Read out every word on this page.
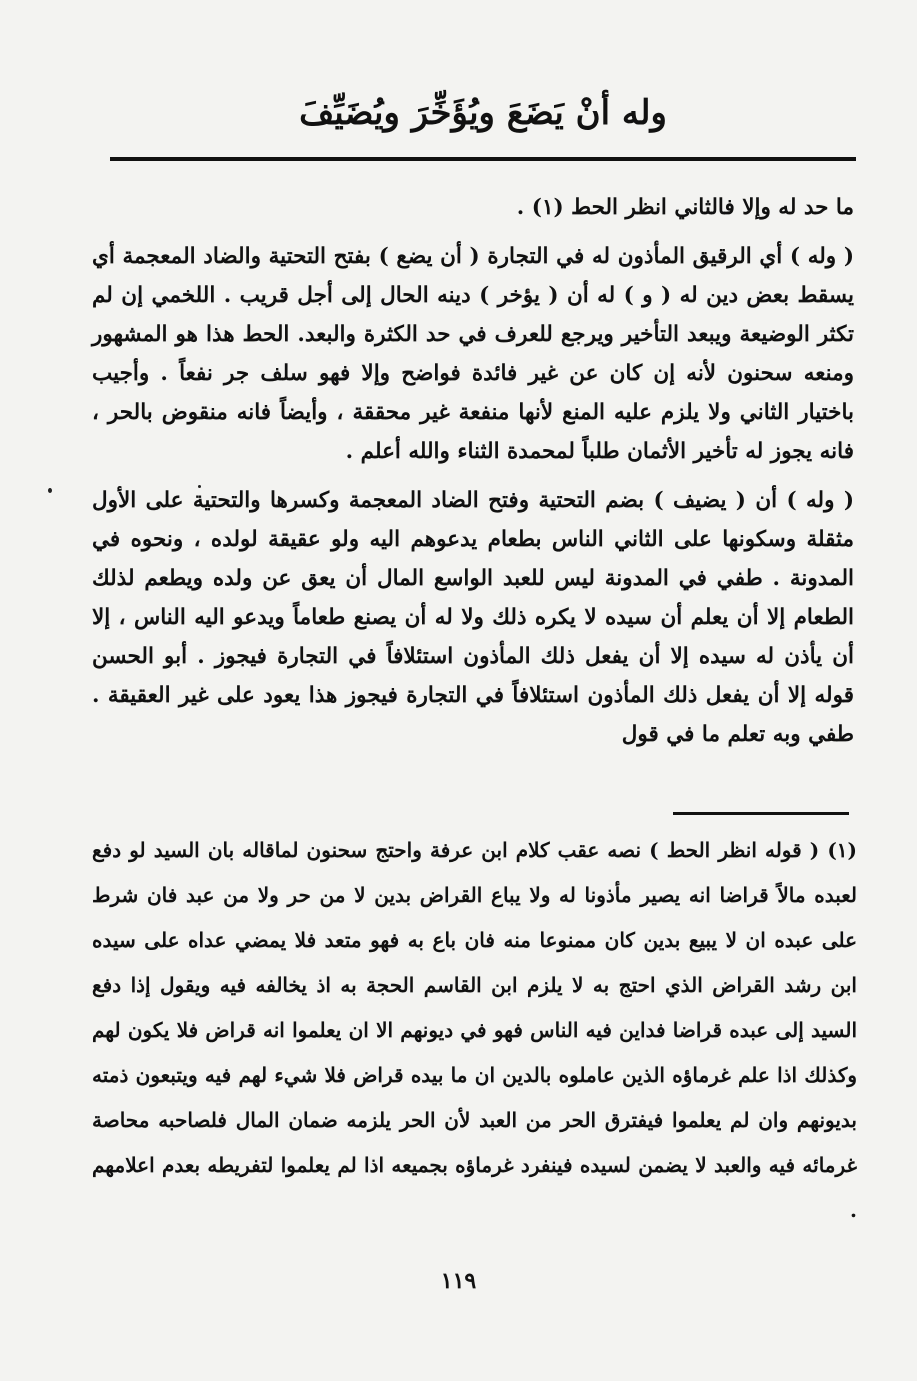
وله أنْ يَضَعَ ويُؤَخِّرَ ويُضَيِّفَ

ما حد له وإلا فالثاني انظر الحط (١) .

( وله ) أي الرقيق المأذون له في التجارة ( أن يضع ) بفتح التحتية والضاد المعجمة أي يسقط بعض دين له ( و ) له أن ( يؤخر ) دينه الحال إلى أجل قريب . اللخمي إن لم تكثر الوضيعة ويبعد التأخير ويرجع للعرف في حد الكثرة والبعد. الحط هذا هو المشهور ومنعه سحنون لأنه إن كان عن غير فائدة فواضح وإلا فهو سلف جر نفعاً . وأجيب باختيار الثاني ولا يلزم عليه المنع لأنها منفعة غير محققة ، وأيضاً فانه منقوض بالحر ، فانه يجوز له تأخير الأثمان طلباً لمحمدة الثناء والله أعلم .

( وله ) أن ( يضيف ) بضم التحتية وفتح الضاد المعجمة وكسرها والتحتية على الأول مثقلة وسكونها على الثاني الناس بطعام يدعوهم اليه ولو عقيقة لولده ، ونحوه في المدونة . طفي في المدونة ليس للعبد الواسع المال أن يعق عن ولده ويطعم لذلك الطعام إلا أن يعلم أن سيده لا يكره ذلك ولا له أن يصنع طعاماً ويدعو اليه الناس ، إلا أن يأذن له سيده إلا أن يفعل ذلك المأذون استئلافاً في التجارة فيجوز . أبو الحسن قوله إلا أن يفعل ذلك المأذون استئلافاً في التجارة فيجوز هذا يعود على غير العقيقة . طفي وبه تعلم ما في قول

(١) ( قوله انظر الحط ) نصه عقب كلام ابن عرفة واحتج سحنون لماقاله بان السيد لو دفع لعبده مالاً قراضا انه يصير مأذونا له ولا يباع القراض بدين لا من حر ولا من عبد فان شرط على عبده ان لا يبيع بدين كان ممنوعا منه فان باع به فهو متعد فلا يمضي عداه على سيده ابن رشد القراض الذي احتج به لا يلزم ابن القاسم الحجة به اذ يخالفه فيه ويقول إذا دفع السيد إلى عبده قراضا فداين فيه الناس فهو في ديونهم الا ان يعلموا انه قراض فلا يكون لهم وكذلك اذا علم غرماؤه الذين عاملوه بالدين ان ما بيده قراض فلا شيء لهم فيه ويتبعون ذمته بديونهم وان لم يعلموا فيفترق الحر من العبد لأن الحر يلزمه ضمان المال فلصاحبه محاصة غرمائه فيه والعبد لا يضمن لسيده فينفرد غرماؤه بجميعه اذا لم يعلموا لتفريطه بعدم اعلامهم .
١١٩
